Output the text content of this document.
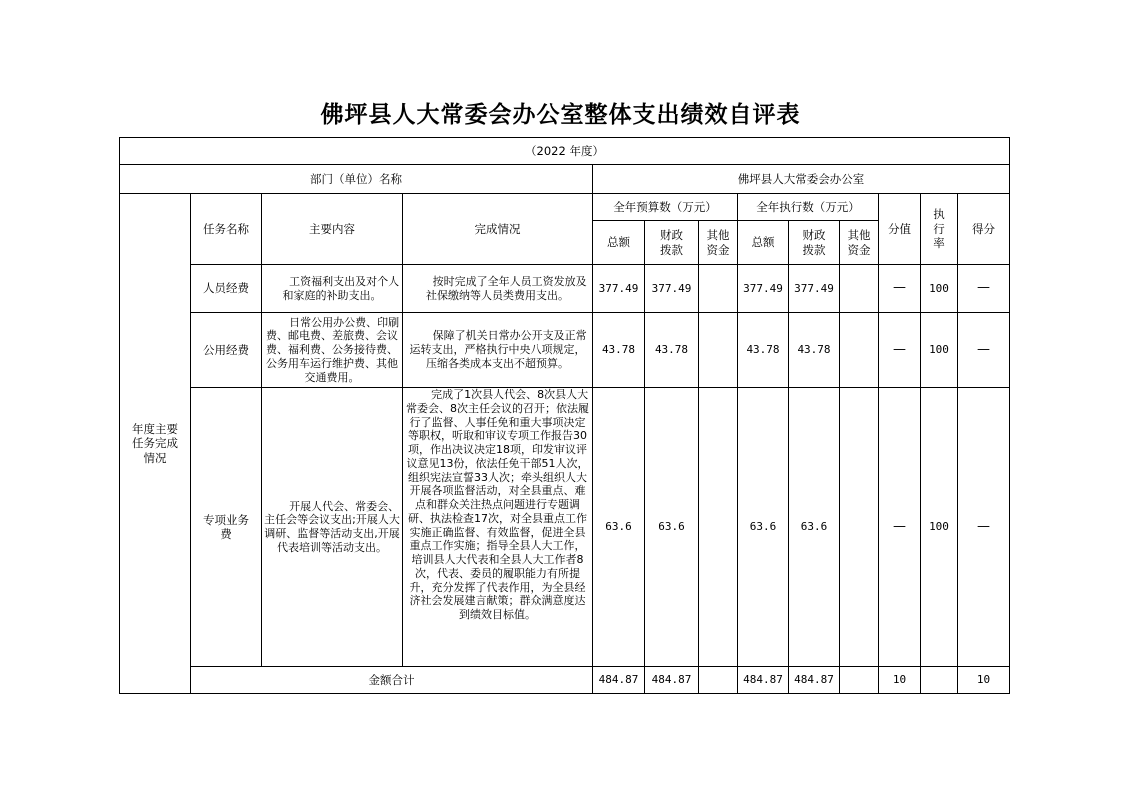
佛坪县人大常委会办公室整体支出绩效自评表
（2022 年度）												
部门（单位）名称				佛坪县人大常委会办公室								
年度主要任务完成情况	任务名称	主要内容	完成情况	全年预算数（万元）			全年执行数（万元）			分值	执行率	得分
				总额	财政拨款	其他资金	总额	财政拨款	其他资金			
	人员经费	工资福利支出及对个人和家庭的补助支出。	按时完成了全年人员工资发放及社保缴纳等人员类费用支出。	377.49	377.49		377.49	377.49		—	100	—
	公用经费	日常公用办公费、印刷费、邮电费、差旅费、会议费、福利费、公务接待费、公务用车运行维护费、其他交通费用。	保障了机关日常办公开支及正常运转支出，严格执行中央八项规定，压缩各类成本支出不超预算。	43.78	43.78		43.78	43.78		—	100	—
	专项业务费	开展人代会、常委会、主任会等会议支出;开展人大调研、监督等活动支出,开展代表培训等活动支出。	完成了1次县人代会、8次县人大常委会、8次主任会议的召开；依法履行了监督、人事任免和重大事项决定等职权，听取和审议专项工作报告30项，作出决议决定18项，印发审议评议意见13份，依法任免干部51人次，组织宪法宣誓33人次；牵头组织人大开展各项监督活动，对全县重点、难点和群众关注热点问题进行专题调研、执法检查17次，对全县重点工作实施正确监督、有效监督，促进全县重点工作实施；指导全县人大工作，培训县人大代表和全县人大工作者8次，代表、委员的履职能力有所提升，充分发挥了代表作用，为全县经济社会发展建言献策；群众满意度达到绩效目标值。	63.6	63.6		63.6	63.6		—	100	—
	金额合计			484.87	484.87		484.87	484.87		10		10
